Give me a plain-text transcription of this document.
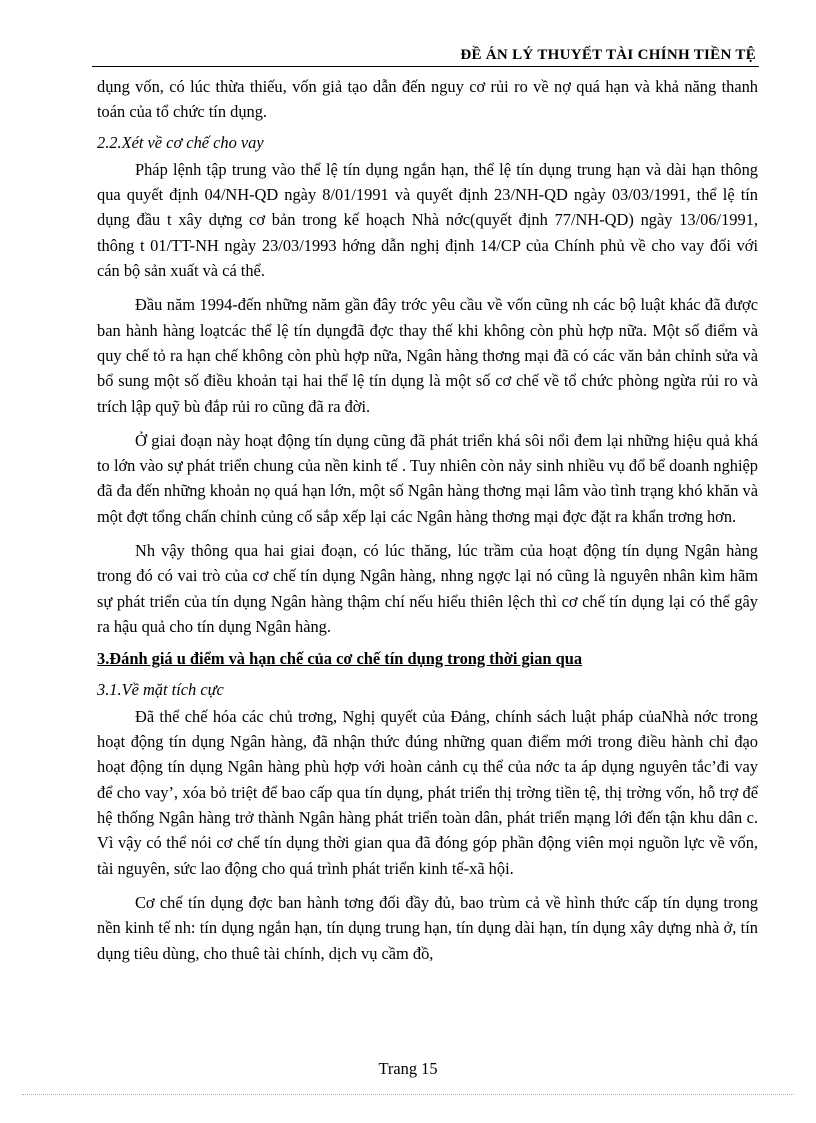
ĐỀ ÁN LÝ THUYẾT TÀI CHÍNH TIỀN TỆ

dụng vốn, có lúc thừa thiếu, vốn giả tạo dẫn đến nguy cơ rủi ro về nợ quá hạn và khả năng thanh toán của tổ chức tín dụng.

2.2.Xét về cơ chế cho vay

Pháp lệnh tập trung vào thể lệ tín dụng ngắn hạn, thể lệ tín dụng trung hạn và dài hạn thông qua quyết định 04/NH-QD ngày 8/01/1991 và quyết định 23/NH-QD ngày 03/03/1991, thể lệ tín dụng đầu t xây dựng cơ bản trong kế hoạch Nhà nớc(quyết định 77/NH-QD) ngày 13/06/1991, thông t 01/TT-NH ngày 23/03/1993 hớng dẫn nghị định 14/CP của Chính phủ về cho vay đối với cán bộ sản xuất và cá thể.

Đầu năm 1994-đến những năm gần đây trớc yêu cầu về vốn cũng nh các bộ luật khác đã được ban hành hàng loạtcác thể lệ tín dụngđã đợc thay thế khi không còn phù hợp nữa. Một số điểm và quy chế tỏ ra hạn chế không còn phù hợp nữa, Ngân hàng thơng mại đã có các văn bản chỉnh sửa và bổ sung một số điều khoản tại hai thể lệ tín dụng là một số cơ chế về tổ chức phòng ngừa rủi ro và trích lập quỹ bù đắp rủi ro cũng đã ra đời.

Ở giai đoạn này hoạt động tín dụng cũng đã phát triển khá sôi nổi đem lại những hiệu quả khá to lớn vào sự phát triển chung của nền kinh tế . Tuy nhiên còn nảy sinh nhiều vụ đổ bể doanh nghiệp đã đa đến những khoản nọ quá hạn lớn, một số Ngân hàng thơng mại lâm vào tình trạng khó khăn và một đợt tổng chấn chỉnh củng cố sắp xếp lại các Ngân hàng thơng mại đợc đặt ra khẩn trơng hơn.

Nh vậy thông qua hai giai đoạn, có lúc thăng, lúc trầm của hoạt động tín dụng Ngân hàng trong đó có vai trò của cơ chế tín dụng Ngân hàng, nhng ngợc lại nó cũng là nguyên nhân kìm hãm sự phát triển của tín dụng Ngân hàng thậm chí nếu hiểu thiên lệch thì cơ chế tín dụng lại có thể gây ra hậu quả cho tín dụng Ngân hàng.

3.Đánh giá u điểm và hạn chế của cơ chế tín dụng trong thời gian qua

3.1.Về mặt tích cực

Đã thể chế hóa các chủ trơng, Nghị quyết của Đảng, chính sách luật pháp củaNhà nớc trong hoạt động tín dụng Ngân hàng, đã nhận thức đúng những quan điểm mới trong điều hành chỉ đạo hoạt động tín dụng Ngân hàng phù hợp với hoàn cảnh cụ thể của nớc ta áp dụng nguyên tắc’đi vay để cho vay’, xóa bỏ triệt để bao cấp qua tín dụng, phát triển thị trờng tiền tệ, thị trờng vốn, hỗ trợ để hệ thống Ngân hàng trở thành Ngân hàng phát triển toàn dân, phát triển mạng lới đến tận khu dân c. Vì vậy có thể nói cơ chế tín dụng thời gian qua đã đóng góp phần động viên mọi nguồn lực về vốn, tài nguyên, sức lao động cho quá trình phát triển kinh tế-xã hội.

Cơ chế tín dụng đợc ban hành tơng đối đầy đủ, bao trùm cả về hình thức cấp tín dụng trong nền kinh tế nh: tín dụng ngắn hạn, tín dụng trung hạn, tín dụng dài hạn, tín dụng xây dựng nhà ở, tín dụng tiêu dùng, cho thuê tài chính, dịch vụ cầm đồ,

Trang 15
